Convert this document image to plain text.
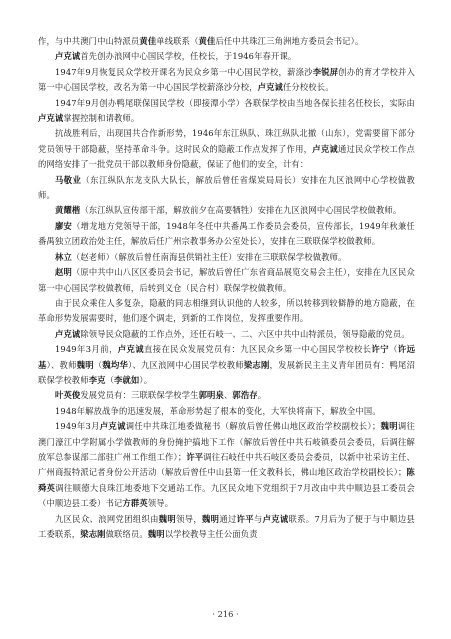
作，与中共澳门中山特派员黄佳单线联系（黄佳后任中共珠江三角洲地方委员会书记）。

卢克诚首先创办浪网中心国民学校，任校长，于1946年春开课。

1947年9月恢复民众学校开课名为民众乡第一中心国民学校，薪涤沙李锐屏创办的育才学校并入第一中心国民学校，改名为第一中心国民学校薪涤沙分校，卢克诚任分校校长。

1947年9月创办鸭尾联保国民学校（即接潭小学）各联保学校由当地各保长挂名任校长，实际由卢克诚掌握控制和请教师。

抗战胜利后，出现国共合作新形势，1946年东江纵队、珠江纵队北撤（山东），党需要留下部分党员领导干部隐蔽，坚持革命斗争。这时民众的隐蔽工作点发挥了作用，卢克诚通过民众学校工作点的网络安排了一批党员干部以教师身份隐蔽，保证了他们的安全，计有：

马敬业（东江纵队东龙支队大队长，解放后曾任省煤炭局局长）安排在九区浪网中心学校做教师。

黄耀楷（东江纵队宣传部干部，解放前夕在高要牺牲）安排在九区浪网中心国民学校做教师。

廖安（增龙地方党领导干部，1948年冬任中共番禺工作委员会委员，宣传部长，1949年秋兼任番禺独立团政治处主任，解放后任广州宗教事务办公室处长），安排在三联联保学校做教师。

林立（赵老师）（解放后曾任南海县供销社主任）安排在三联联保学校做教师。

赵明（原中共中山八区区委员会书记，解放后曾任广东省商品展览交易会主任），安排在九区民众第一中心国民学校做教师，后转到义仓（民合村）联保学校做教师。

由于民众乘住人多复杂，隐蔽的同志相继到认识他的人较多，所以转移到较僻静的地方隐蔽，在革命形势发展需要时，他们逐个调走，到新的工作岗位，发挥重要作用。

卢克诚除领导民众隐蔽的工作点外，还任石岐一、二、六区中共中山特派员，领导隐蔽的党员。

1949年3月前，卢克诚直接在民众发展党员有：九区民众乡第一中心国民学校校长许宁（许远基）、教师魏明（魏均华）、九区浪网中心国民学校教师梁志刚，发展新民主主义青年团员有：鸭尾沼联保学校教师李克（李就如）。

叶英俊发展党员有：三联联保学校学生郭明泉、郭浩存。

1948年解放战争的迅速发展，革命形势起了根本的变化，大军快将南下，解放全中国。

1949年3月卢克诚调任中共珠江地委做秘书（解放后曾任佛山地区政治学校副校长）；魏明调往澳门濠江中学附属小学做教师的身份掩护搞地下工作（解放后曾任中共石岐镇委员会委员，后调往解放军总参谋部二部驻广州工作组工作）；许平调往石岐任中共石岐区委员会委员，以新中社采访主任、广州商报特派记者身份公开活动（解放后曾任中山县第一任文教科长，佛山地区政治学校副校长）；陈舜英调往顺德大良珠江地委地下交通站工作。九区民众地下党组织于7月改由中共中顺边县工委员会（中顺边县工委）书记方群英领导。

九区民众、浪网党团组织由魏明领导，魏明通过许平与卢克诚联系。7月后为了便于与中顺边县工委联系，梁志刚做联络员。魏明以学校教导主任公面负责

· 216 ·
